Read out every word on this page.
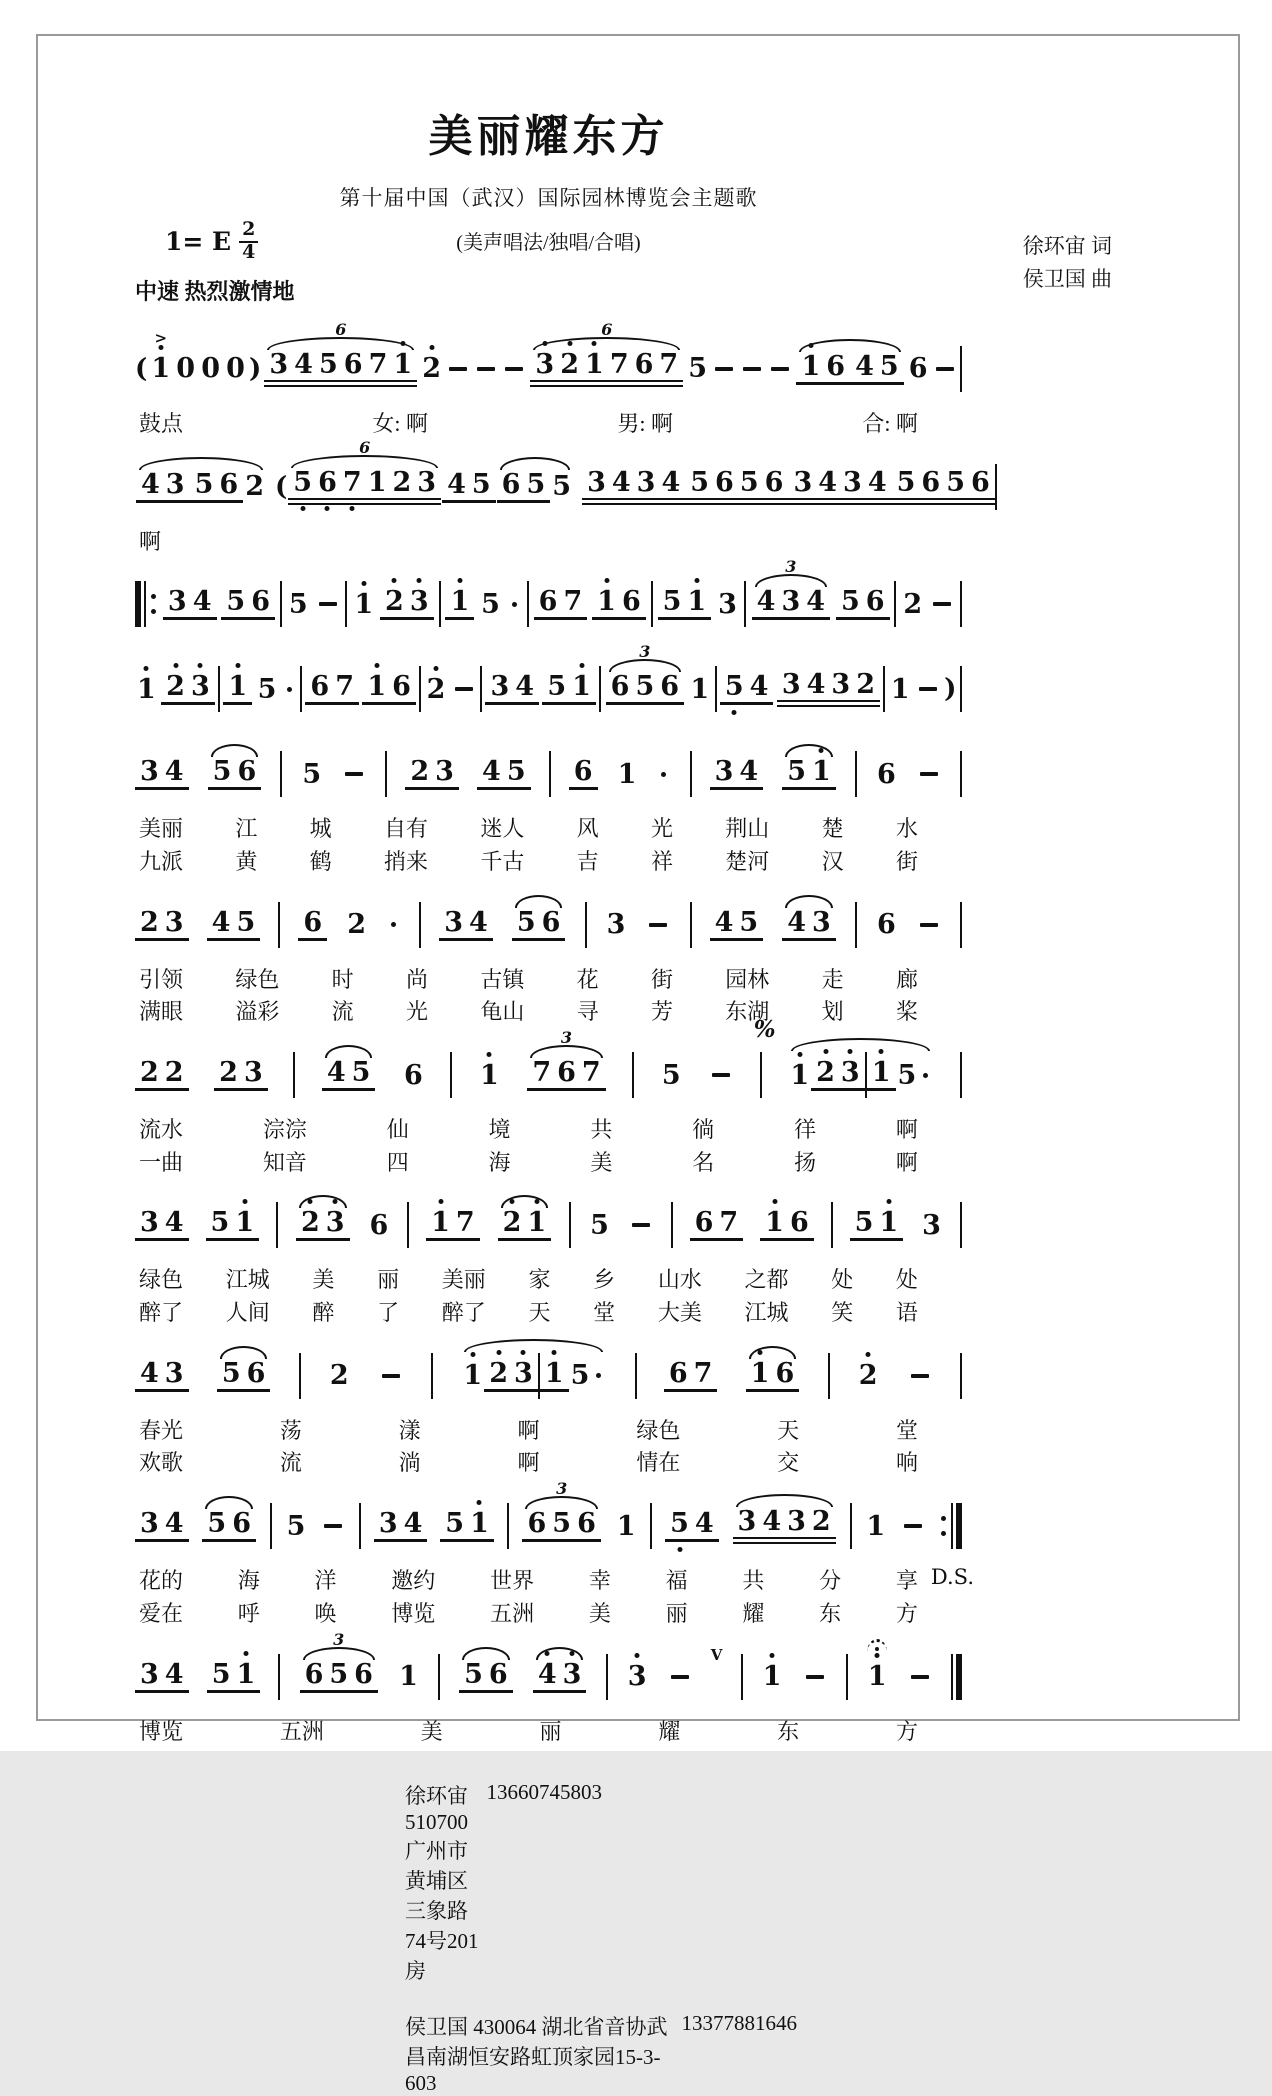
美丽耀东方
第十届中国（武汉）国际园林博览会主题歌
1= E $\frac{2}{4}$
中速 热烈激情地
(美声唱法/独唱/合唱)	徐环宙 词
侯卫国 曲
( 1
>
0 0 0 )
6
3 4 5 6 7 1 2
6
3 2 1 7 6 7 5	1 6 4 5 6
鼓点	女: 啊	男: 啊	合: 啊
4 3 5 6 2 (
6
5 6 7 1 2 3 4 5 6 5 5 3 4 3 4 5 6 5 6 3 4 3 4 5 6 5 6
啊
3 4 5 6 5 1 2 3 1 5 6 7 1 6 5 1 3
3
4 3 4 5 6 2
1 2 3 1 5 6 7 1 6 2 3 4 5 1
3
6 5 6 1 5 4 3 4 3 2 1 )
3 4 5 6 5	2 3 4 5 6 1	3 4 5 1 6
美丽 江 城 自有 迷人 风 光 荆山 楚 水
九派 黄 鹤 捎来 千古 吉 祥 楚河 汉 街
2 3 4 5 6 2	3 4 5 6 3	4 5 4 3 6
引领 绿色 时 尚 古镇 花 街 园林 走 廊
满眼 溢彩 流 光 龟山 寻 芳 东湖 划 桨
2 2 2 3 4 5 6 1
3
7 6 7 5
%
1 2 3 1 5
流水	淙淙	仙	境	共	徜	徉	啊
一曲	知音	四	海	美	名	扬	啊
3 4 5 1 2 3 6 1 7 2 1 5	6 7 1 6 5 1 3
绿色 江城 美 丽 美丽 家 乡 山水 之都 处 处
醉了 人间 醉 了 醉了 天 堂 大美 江城 笑 语
4 3 5 6 2	1 2 3 1 5	6 7 1 6 2
春光	荡	漾	啊	绿色	天	堂
欢歌	流	淌	啊	情在	交	响
3 4 5 6 5	3 4 5 1
3
6 5 6 1 5 4 3 4 3 2 1
花的 海 洋 邀约 世界 幸 福 共 分 享
爱在 呼 唤 博览 五洲 美 丽 耀 东 方
D.S.
3 4 5 1
3
6 5 6 1 5 6 4 3 3
V
1	1
博览	五洲	美	丽	耀	东	方
徐环宙 510700 广州市黄埔区三象路74号201房
13660745803
侯卫国 430064 湖北省音协武昌南湖恒安路虹顶家园15-3-603
13377881646
